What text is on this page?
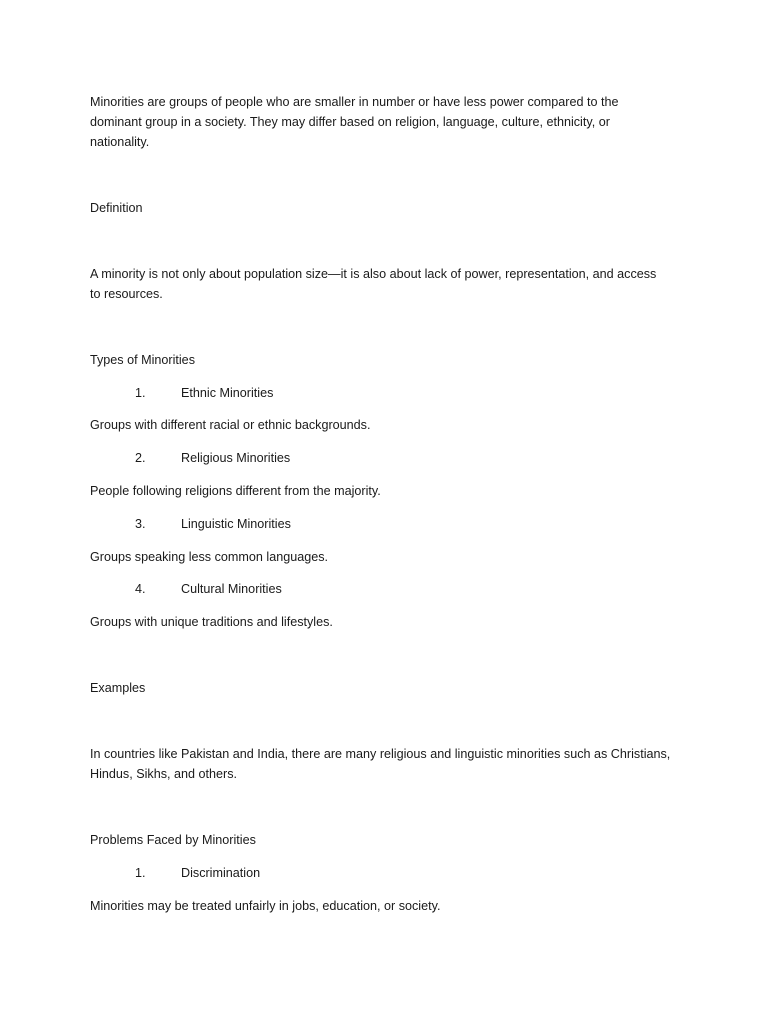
Minorities are groups of people who are smaller in number or have less power compared to the
dominant group in a society. They may differ based on religion, language, culture, ethnicity, or
nationality.
Definition
A minority is not only about population size—it is also about lack of power, representation, and access
to resources.
Types of Minorities
1.	Ethnic Minorities
Groups with different racial or ethnic backgrounds.
2.	Religious Minorities
People following religions different from the majority.
3.	Linguistic Minorities
Groups speaking less common languages.
4.	Cultural Minorities
Groups with unique traditions and lifestyles.
Examples
In countries like Pakistan and India, there are many religious and linguistic minorities such as Christians,
Hindus, Sikhs, and others.
Problems Faced by Minorities
1.	Discrimination
Minorities may be treated unfairly in jobs, education, or society.
